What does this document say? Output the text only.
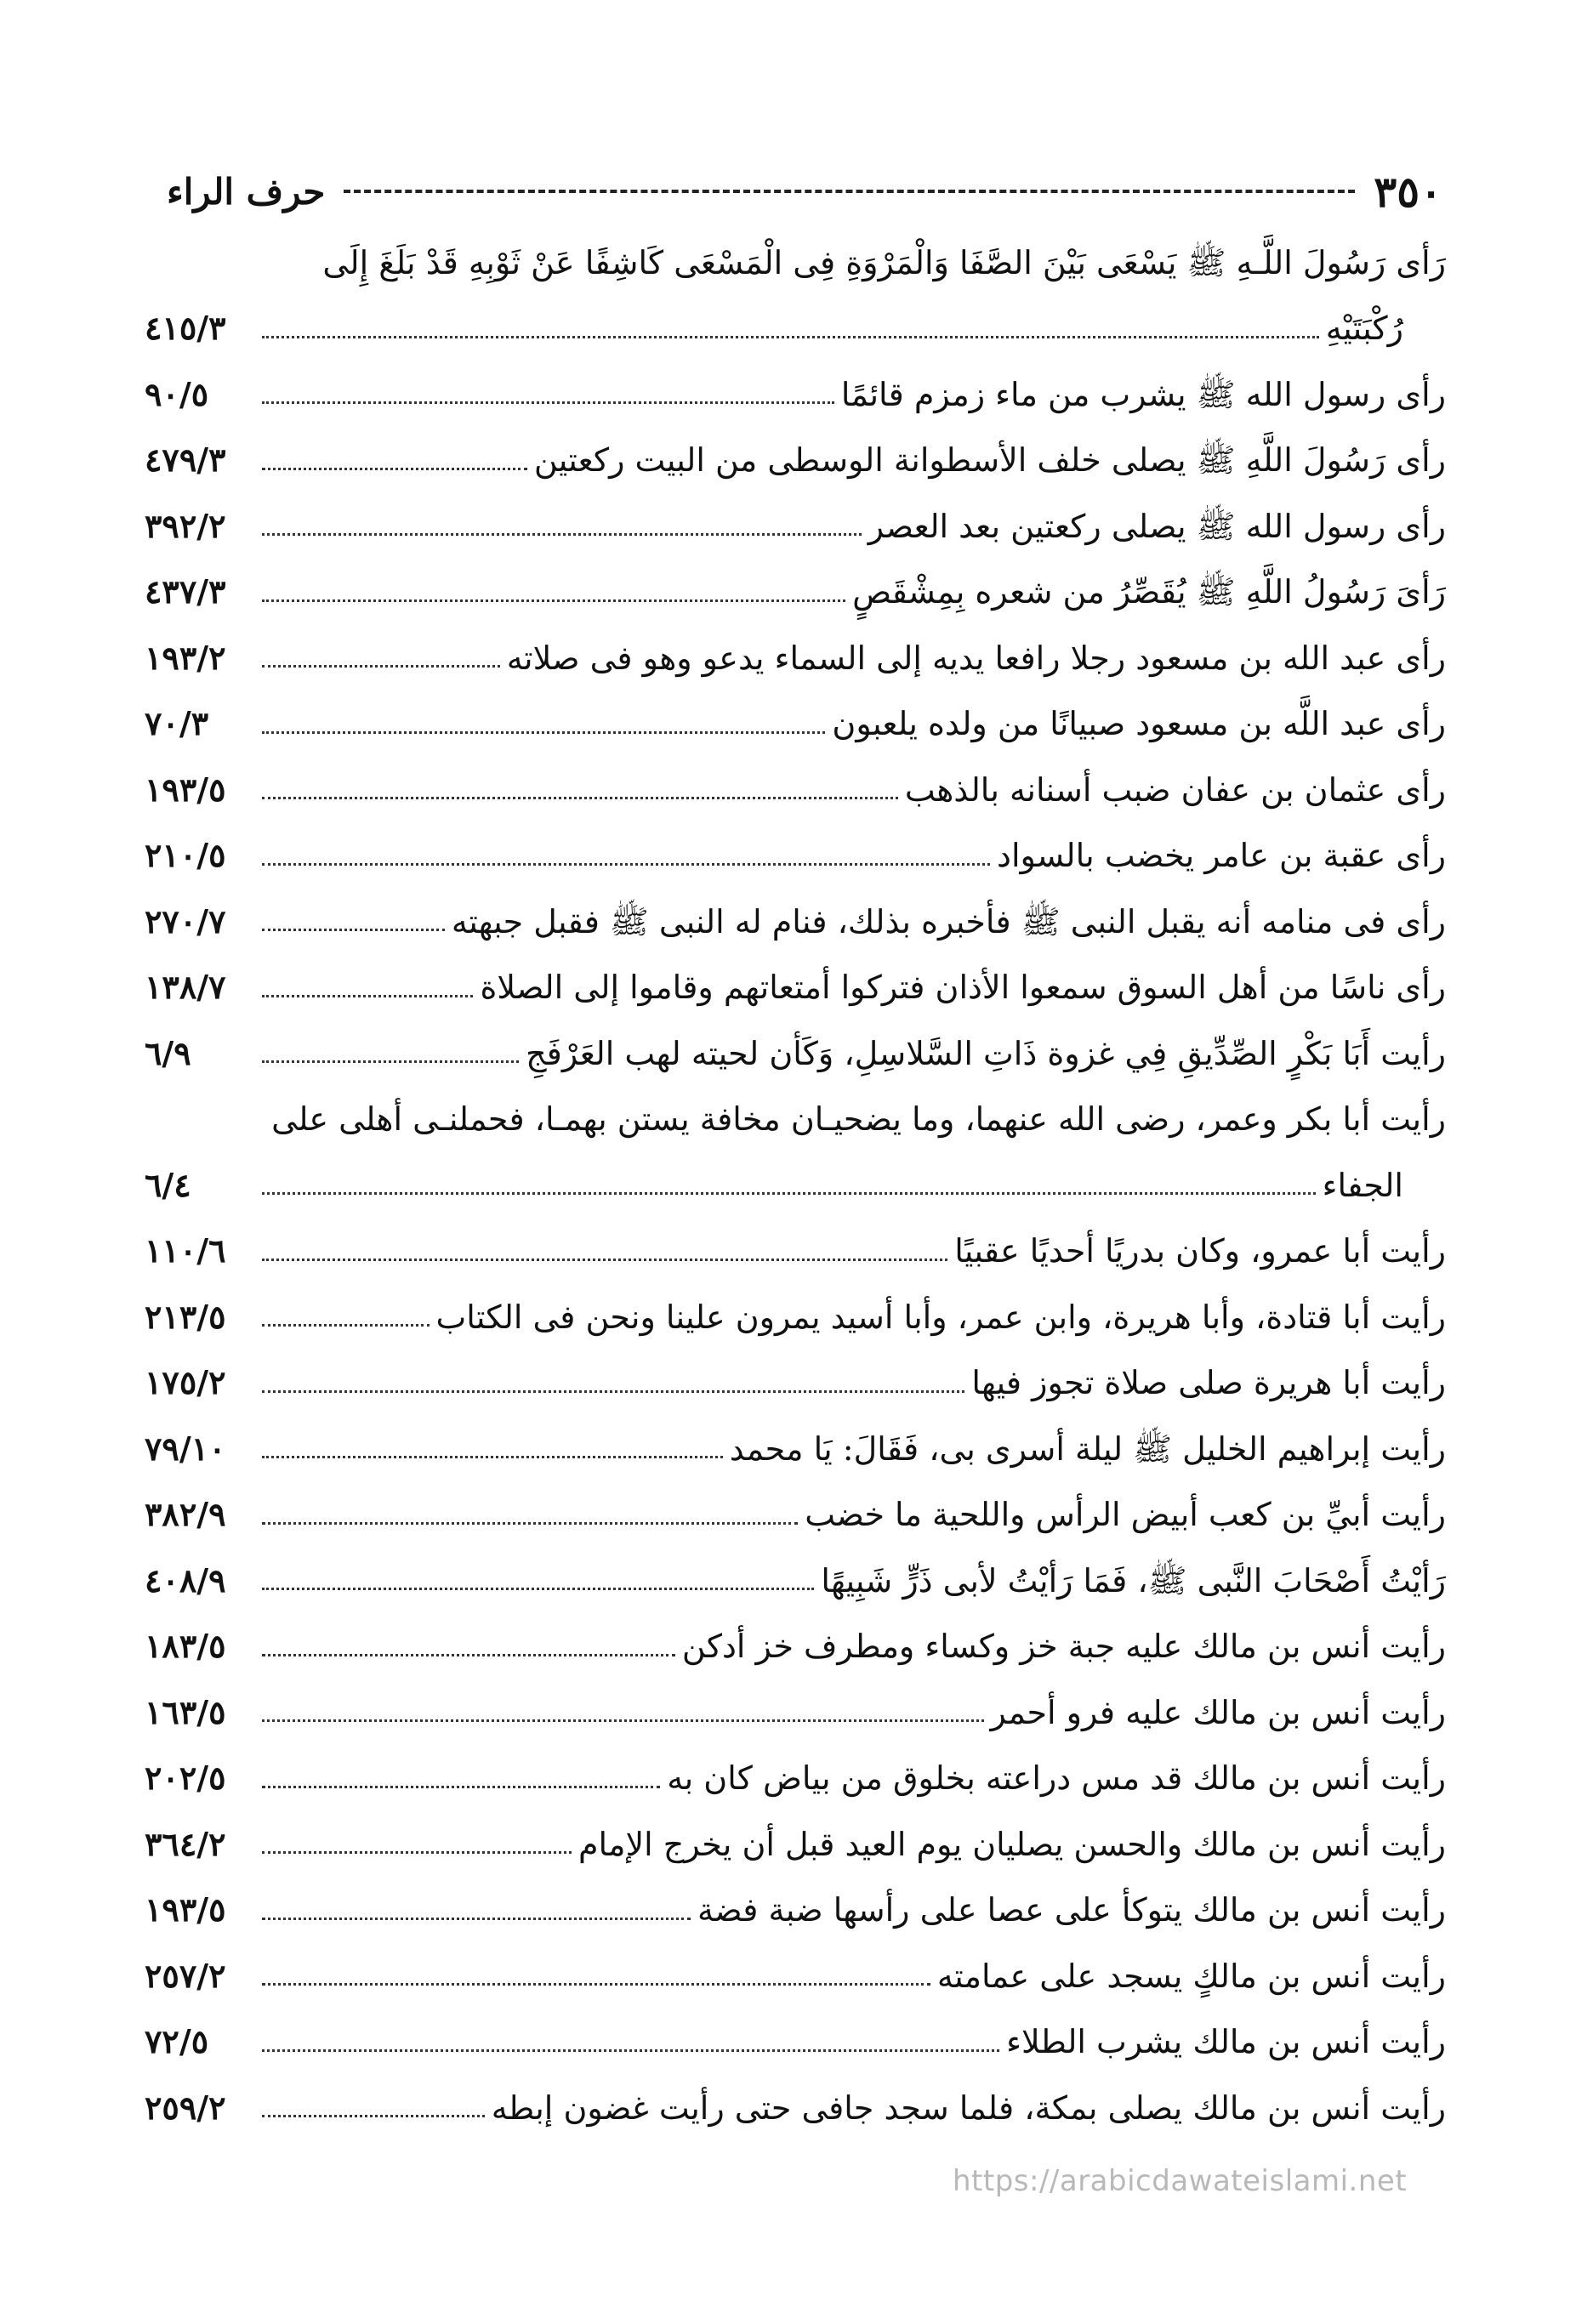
٣٥٠
حرف الراء
رَأى رَسُولَ اللَّـهِ ﷺ يَسْعَى بَيْنَ الصَّفَا وَالْمَرْوَةِ فِى الْمَسْعَى كَاشِفًا عَنْ ثَوْبِهِ قَدْ بَلَغَ إِلَى
رُكْبَتَيْهِ
٤١٥/٣
رأى رسول الله ﷺ يشرب من ماء زمزم قائمًا
٩٠/٥
رأى رَسُولَ اللَّهِ ﷺ يصلى خلف الأسطوانة الوسطى من البيت ركعتين
٤٧٩/٣
رأى رسول الله ﷺ يصلى ركعتين بعد العصر
٣٩٢/٢
رَأىَ رَسُولُ اللَّهِ ﷺ يُقَصِّرُ من شعره بِمِشْقَصٍ
٤٣٧/٣
رأى عبد الله بن مسعود رجلا رافعا يديه إلى السماء يدعو وهو فى صلاته
١٩٣/٢
رأى عبد اللَّه بن مسعود صبيانًا من ولده يلعبون
٧٠/٣
رأى عثمان بن عفان ضبب أسنانه بالذهب
١٩٣/٥
رأى عقبة بن عامر يخضب بالسواد
٢١٠/٥
رأى فى منامه أنه يقبل النبى ﷺ فأخبره بذلك، فنام له النبى ﷺ فقبل جبهته
٢٧٠/٧
رأى ناسًا من أهل السوق سمعوا الأذان فتركوا أمتعاتهم وقاموا إلى الصلاة
١٣٨/٧
رأيت أَبَا بَكْرٍ الصِّدِّيقِ فِي غزوة ذَاتِ السَّلاسِلِ، وَكَأن لحيته لهب العَرْفَجِ
٦/٩
رأيت أبا بكر وعمر، رضى الله عنهما، وما يضحيـان مخافة يستن بهمـا، فحملنـى أهلى على
الجفاء
٦/٤
رأيت أبا عمرو، وكان بدريًا أحديًا عقبيًا
١١٠/٦
رأيت أبا قتادة، وأبا هريرة، وابن عمر، وأبا أسيد يمرون علينا ونحن فى الكتاب
٢١٣/٥
رأيت أبا هريرة صلى صلاة تجوز فيها
١٧٥/٢
رأيت إبراهيم الخليل ﷺ ليلة أسرى بى، فَقَالَ: يَا محمد
٧٩/١٠
رأيت أبيِّ بن كعب أبيض الرأس واللحية ما خضب
٣٨٢/٩
رَأيْتُ أَصْحَابَ النَّبى ﷺ، فَمَا رَأيْتُ لأبى ذَرٍّ شَبِيهًا
٤٠٨/٩
رأيت أنس بن مالك عليه جبة خز وكساء ومطرف خز أدكن
١٨٣/٥
رأيت أنس بن مالك عليه فرو أحمر
١٦٣/٥
رأيت أنس بن مالك قد مس دراعته بخلوق من بياض كان به
٢٠٢/٥
رأيت أنس بن مالك والحسن يصليان يوم العيد قبل أن يخرج الإمام
٣٦٤/٢
رأيت أنس بن مالك يتوكأ على عصا على رأسها ضبة فضة
١٩٣/٥
رأيت أنس بن مالكٍ يسجد على عمامته
٢٥٧/٢
رأيت أنس بن مالك يشرب الطلاء
٧٢/٥
رأيت أنس بن مالك يصلى بمكة، فلما سجد جافى حتى رأيت غضون إبطه
٢٥٩/٢
https://arabicdawateislami.net
